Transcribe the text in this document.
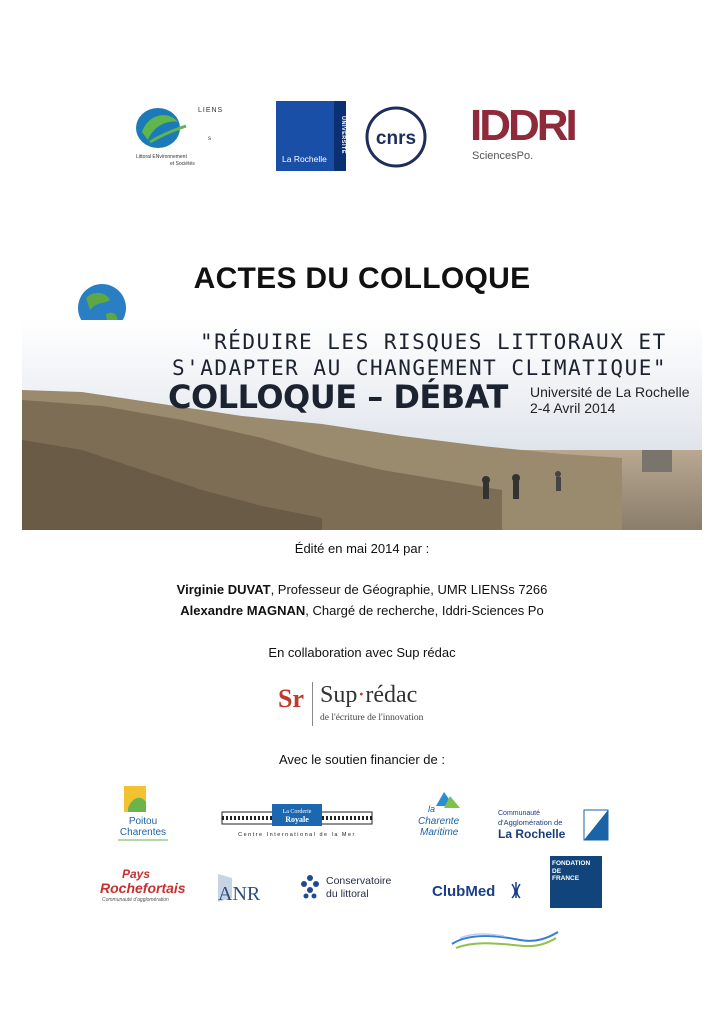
LIENS
s
Littoral ENvironnement
et Sociétés
UNIVERSITÉ
La Rochelle
cnrs IDDRI
SciencesPo.
ACTES DU COLLOQUE
"RÉDUIRE LES RISQUES LITTORAUX ET
S'ADAPTER AU CHANGEMENT CLIMATIQUE"
COLLOQUE – DÉBAT Université de La Rochelle
2-4 Avril 2014
Édité en mai 2014 par :
Virginie DUVAT, Professeur de Géographie, UMR LIENSs 7266
Alexandre MAGNAN, Chargé de recherche, Iddri-Sciences Po
En collaboration avec Sup rédac
Sr Sup·rédac
de l'écriture de l'innovation
Avec le soutien financier de :
Poitou
Charentes
La Corderie
Royale
Centre International de la Mer
la
Charente
Maritime
Communauté
d'Agglomération de
La Rochelle
Pays
Rochefortais
Communauté d'agglomération ANR
Conservatoire
du littoral	ClubMed
FONDATION
DE
FRANCE
